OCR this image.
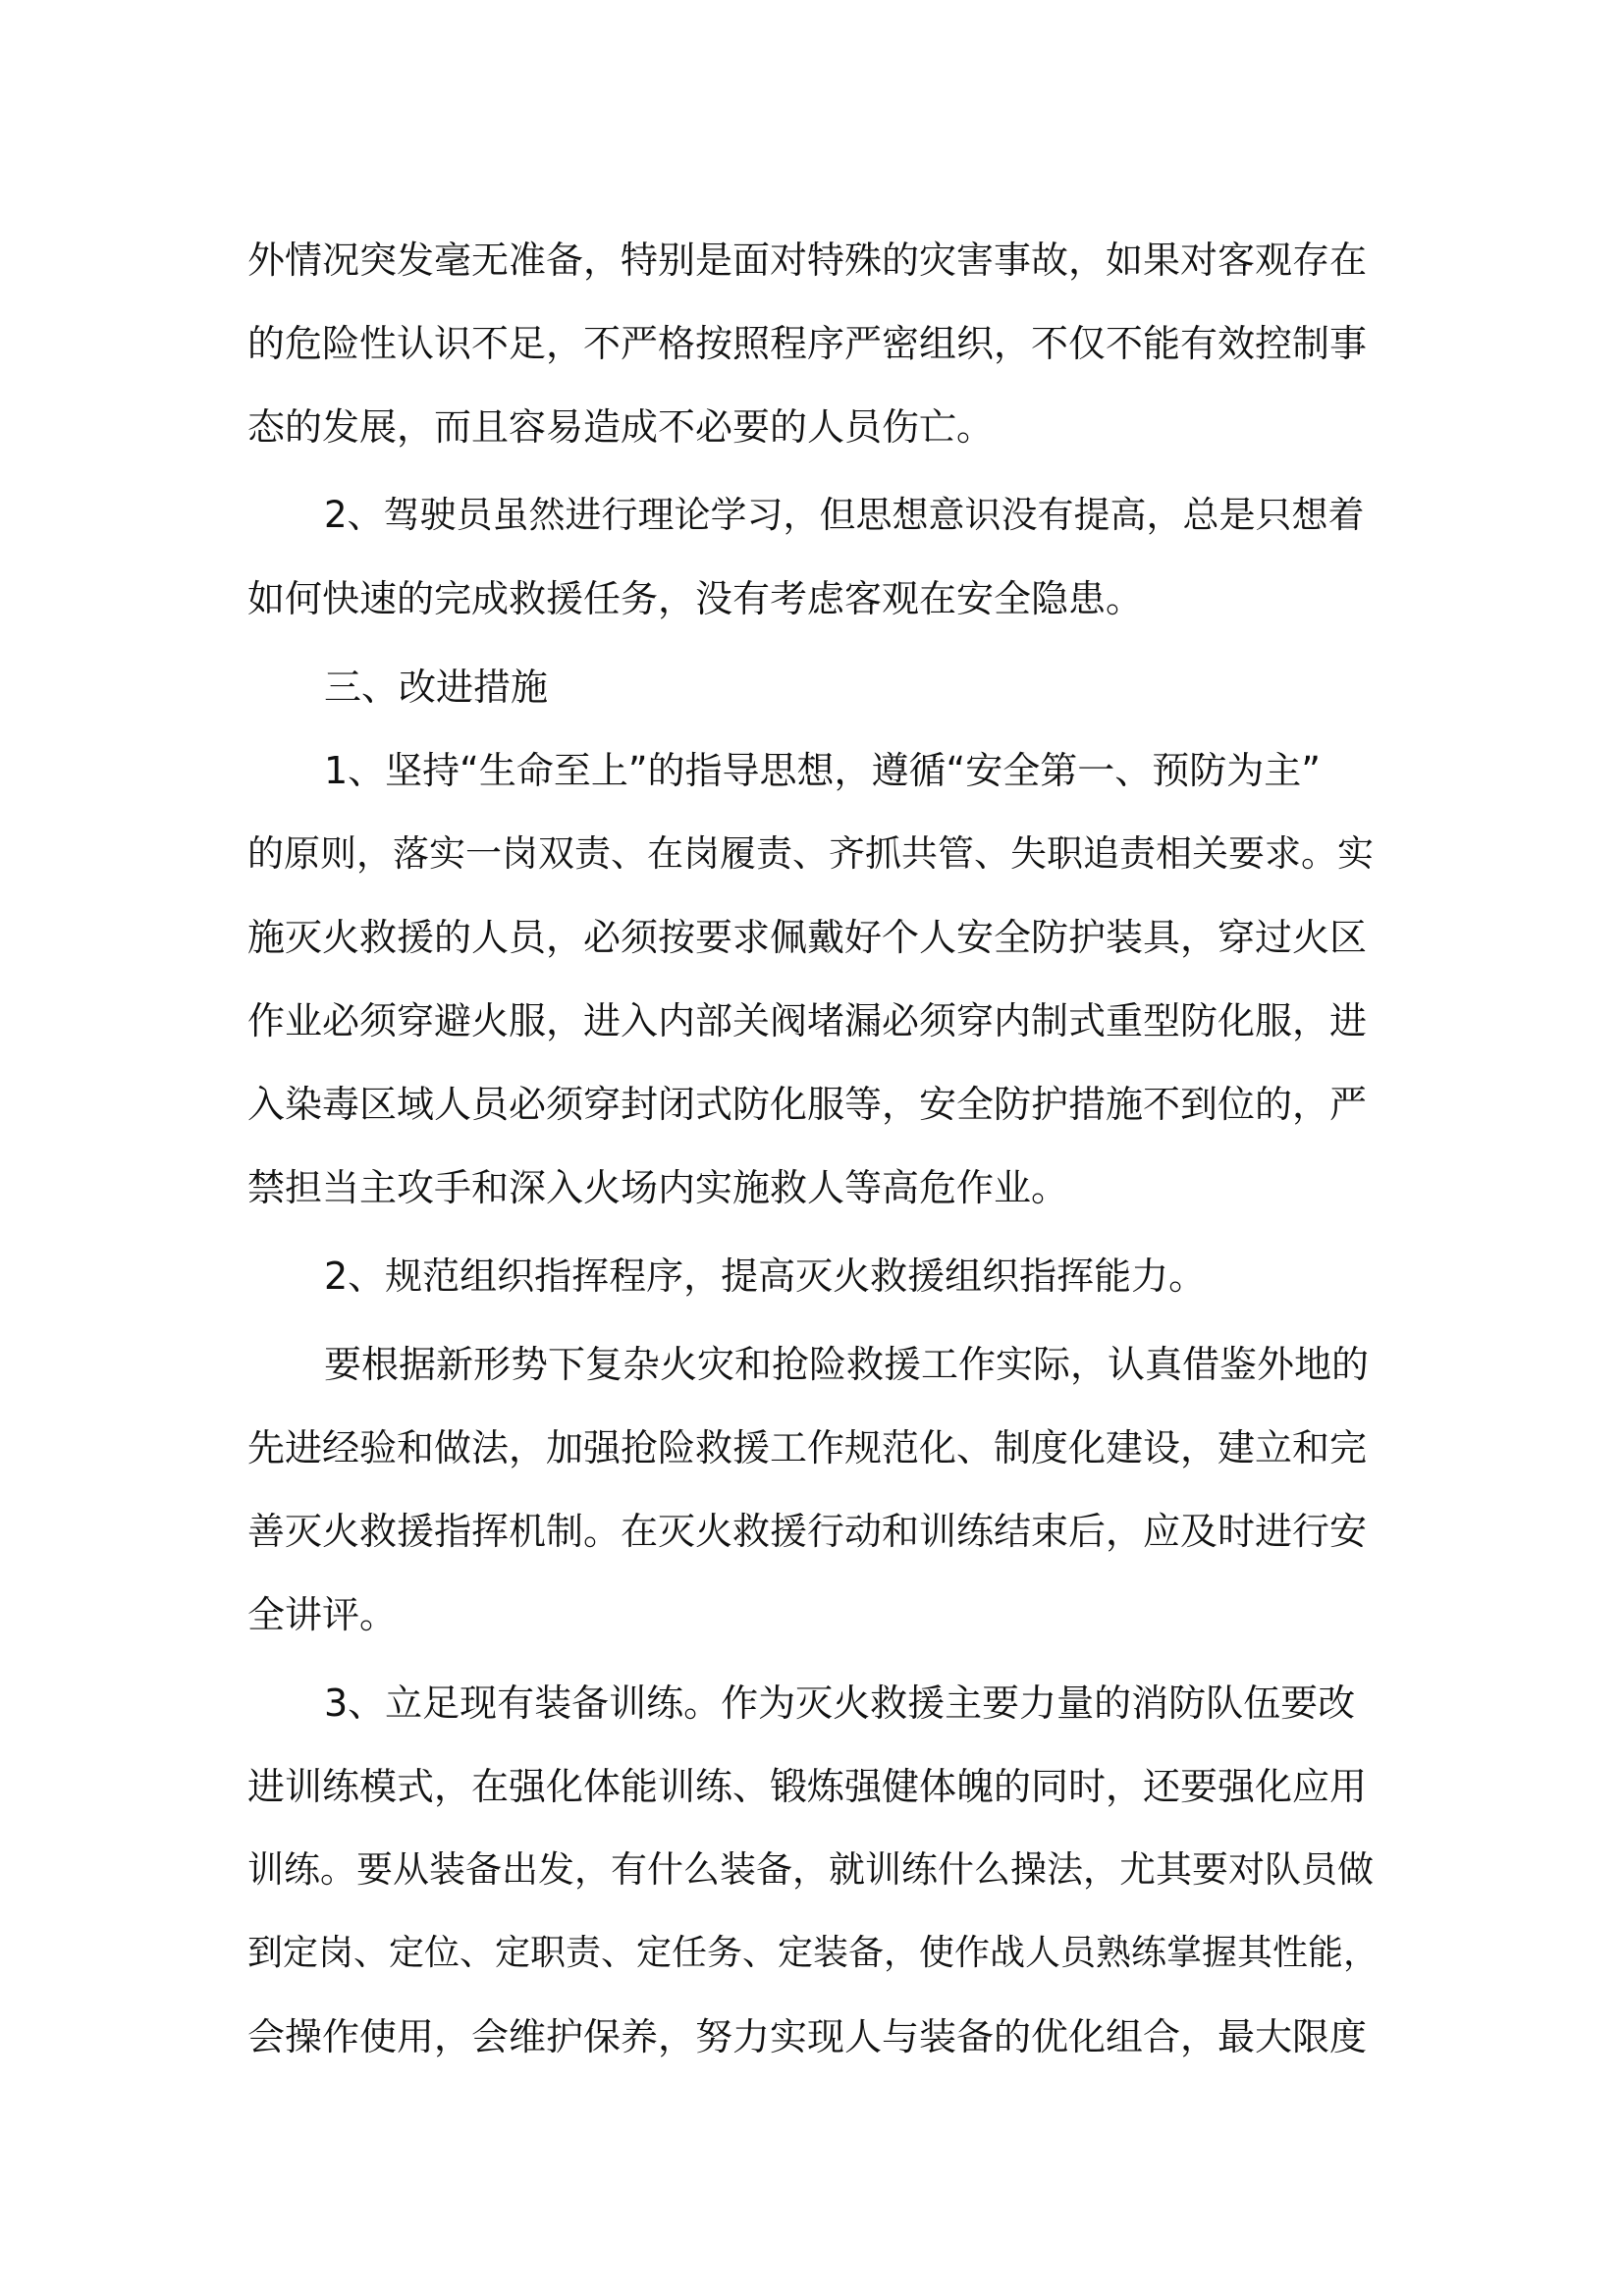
外情况突发毫无准备，特别是面对特殊的灾害事故，如果对客观存在
的危险性认识不足，不严格按照程序严密组织，不仅不能有效控制事
态的发展，而且容易造成不必要的人员伤亡。
2、驾驶员虽然进行理论学习，但思想意识没有提高，总是只想着
如何快速的完成救援任务，没有考虑客观在安全隐患。
三、改进措施
1、坚持“生命至上”的指导思想，遵循“安全第一、预防为主”
的原则，落实一岗双责、在岗履责、齐抓共管、失职追责相关要求。实
施灭火救援的人员，必须按要求佩戴好个人安全防护装具，穿过火区
作业必须穿避火服，进入内部关阀堵漏必须穿内制式重型防化服，进
入染毒区域人员必须穿封闭式防化服等，安全防护措施不到位的，严
禁担当主攻手和深入火场内实施救人等高危作业。
2、规范组织指挥程序，提高灭火救援组织指挥能力。
要根据新形势下复杂火灾和抢险救援工作实际，认真借鉴外地的
先进经验和做法，加强抢险救援工作规范化、制度化建设，建立和完
善灭火救援指挥机制。在灭火救援行动和训练结束后，应及时进行安
全讲评。
3、立足现有装备训练。作为灭火救援主要力量的消防队伍要改
进训练模式，在强化体能训练、锻炼强健体魄的同时，还要强化应用
训练。要从装备出发，有什么装备，就训练什么操法，尤其要对队员做
到定岗、定位、定职责、定任务、定装备，使作战人员熟练掌握其性能，
会操作使用，会维护保养，努力实现人与装备的优化组合，最大限度
